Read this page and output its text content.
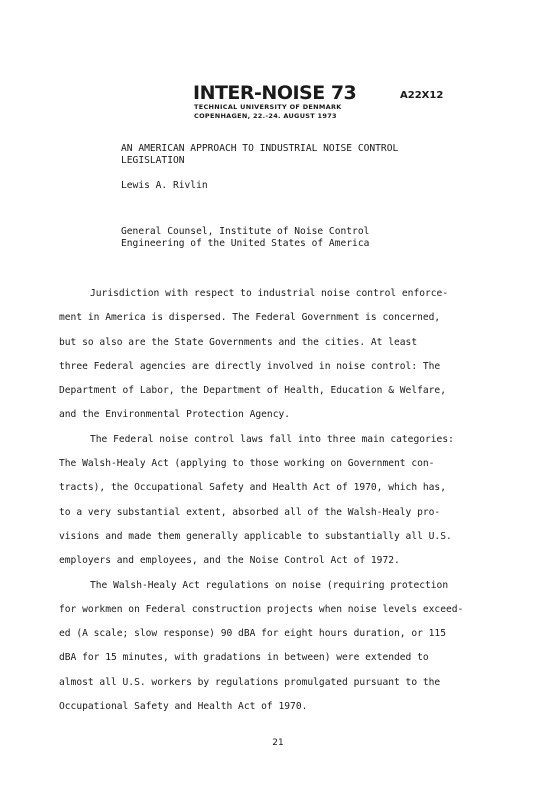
INTER-NOISE 73	A22X12
TECHNICAL UNIVERSITY OF DENMARK
COPENHAGEN, 22.-24. AUGUST 1973
AN AMERICAN APPROACH TO INDUSTRIAL NOISE CONTROL
LEGISLATION
Lewis A. Rivlin
General Counsel, Institute of Noise Control
Engineering of the United States of America
Jurisdiction with respect to industrial noise control enforce-
ment in America is dispersed. The Federal Government is concerned,
but so also are the State Governments and the cities. At least
three Federal agencies are directly involved in noise control: The
Department of Labor, the Department of Health, Education & Welfare,
and the Environmental Protection Agency.
The Federal noise control laws fall into three main categories:
The Walsh-Healy Act (applying to those working on Government con-
tracts), the Occupational Safety and Health Act of 1970, which has,
to a very substantial extent, absorbed all of the Walsh-Healy pro-
visions and made them generally applicable to substantially all U.S.
employers and employees, and the Noise Control Act of 1972.
The Walsh-Healy Act regulations on noise (requiring protection
for workmen on Federal construction projects when noise levels exceed-
ed (A scale; slow response) 90 dBA for eight hours duration, or 115
dBA for 15 minutes, with gradations in between) were extended to
almost all U.S. workers by regulations promulgated pursuant to the
Occupational Safety and Health Act of 1970.
21
